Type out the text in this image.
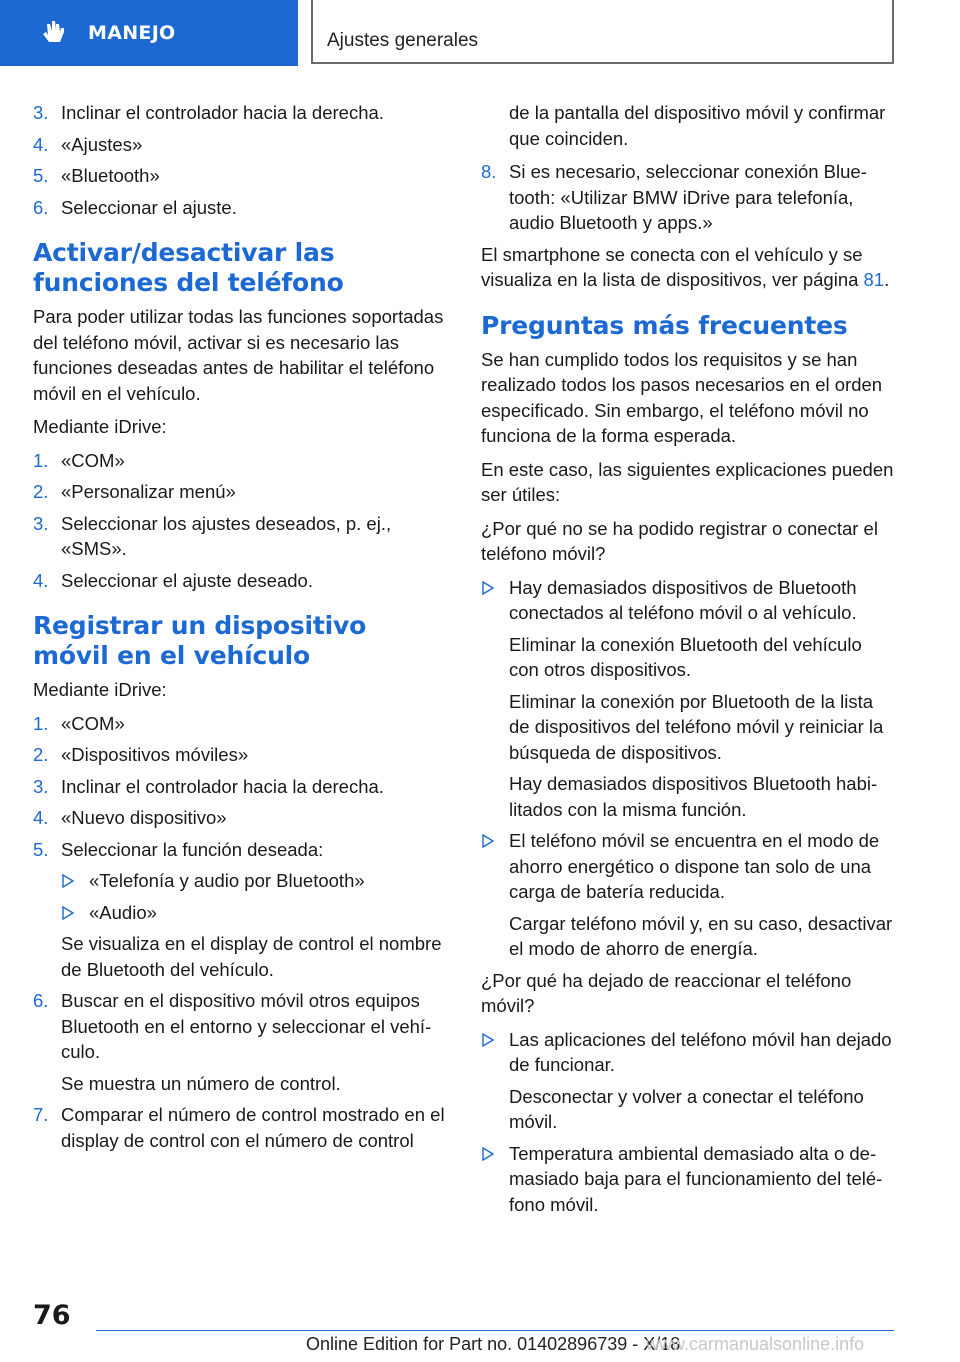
MANEJO	Ajustes generales
3. Inclinar el controlador hacia la derecha.
4. «Ajustes»
5. «Bluetooth»
6. Seleccionar el ajuste.
Activar/desactivar las funciones del teléfono

Para poder utilizar todas las funciones soportadas del teléfono móvil, activar si es necesario las funciones deseadas antes de habilitar el teléfono móvil en el vehículo.

Mediante iDrive:

1. «COM»
2. «Personalizar menú»
3. Seleccionar los ajustes deseados, p. ej., «SMS».
4. Seleccionar el ajuste deseado.
Registrar un dispositivo móvil en el vehículo

Mediante iDrive:

1. «COM»
2. «Dispositivos móviles»
3. Inclinar el controlador hacia la derecha.
4. «Nuevo dispositivo»
5. Seleccionar la función deseada:
«Telefonía y audio por Bluetooth»
«Audio»
Se visualiza en el display de control el nombre de Bluetooth del vehículo.
6. Buscar en el dispositivo móvil otros equipos Bluetooth en el entorno y seleccionar el vehículo.
Se muestra un número de control.
7. Comparar el número de control mostrado en el display de control con el número de control

de la pantalla del dispositivo móvil y confirmar que coinciden.

8. Si es necesario, seleccionar conexión Bluetooth: «Utilizar BMW iDrive para telefonía, audio Bluetooth y apps.»

El smartphone se conecta con el vehículo y se visualiza en la lista de dispositivos, ver página 81.

Preguntas más frecuentes

Se han cumplido todos los requisitos y se han realizado todos los pasos necesarios en el orden especificado. Sin embargo, el teléfono móvil no funciona de la forma esperada.

En este caso, las siguientes explicaciones pueden ser útiles:

¿Por qué no se ha podido registrar o conectar el teléfono móvil?

Hay demasiados dispositivos de Bluetooth conectados al teléfono móvil o al vehículo.
Eliminar la conexión Bluetooth del vehículo con otros dispositivos.
Eliminar la conexión por Bluetooth de la lista de dispositivos del teléfono móvil y reiniciar la búsqueda de dispositivos.
Hay demasiados dispositivos Bluetooth habilitados con la misma función.
El teléfono móvil se encuentra en el modo de ahorro energético o dispone tan solo de una carga de batería reducida.
Cargar teléfono móvil y, en su caso, desactivar el modo de ahorro de energía.

¿Por qué ha dejado de reaccionar el teléfono móvil?

Las aplicaciones del teléfono móvil han dejado de funcionar.
Desconectar y volver a conectar el teléfono móvil.
Temperatura ambiental demasiado alta o demasiado baja para el funcionamiento del teléfono móvil.
76
Online Edition for Part no. 01402896739 - X/18
www.carmanualsonline.info
